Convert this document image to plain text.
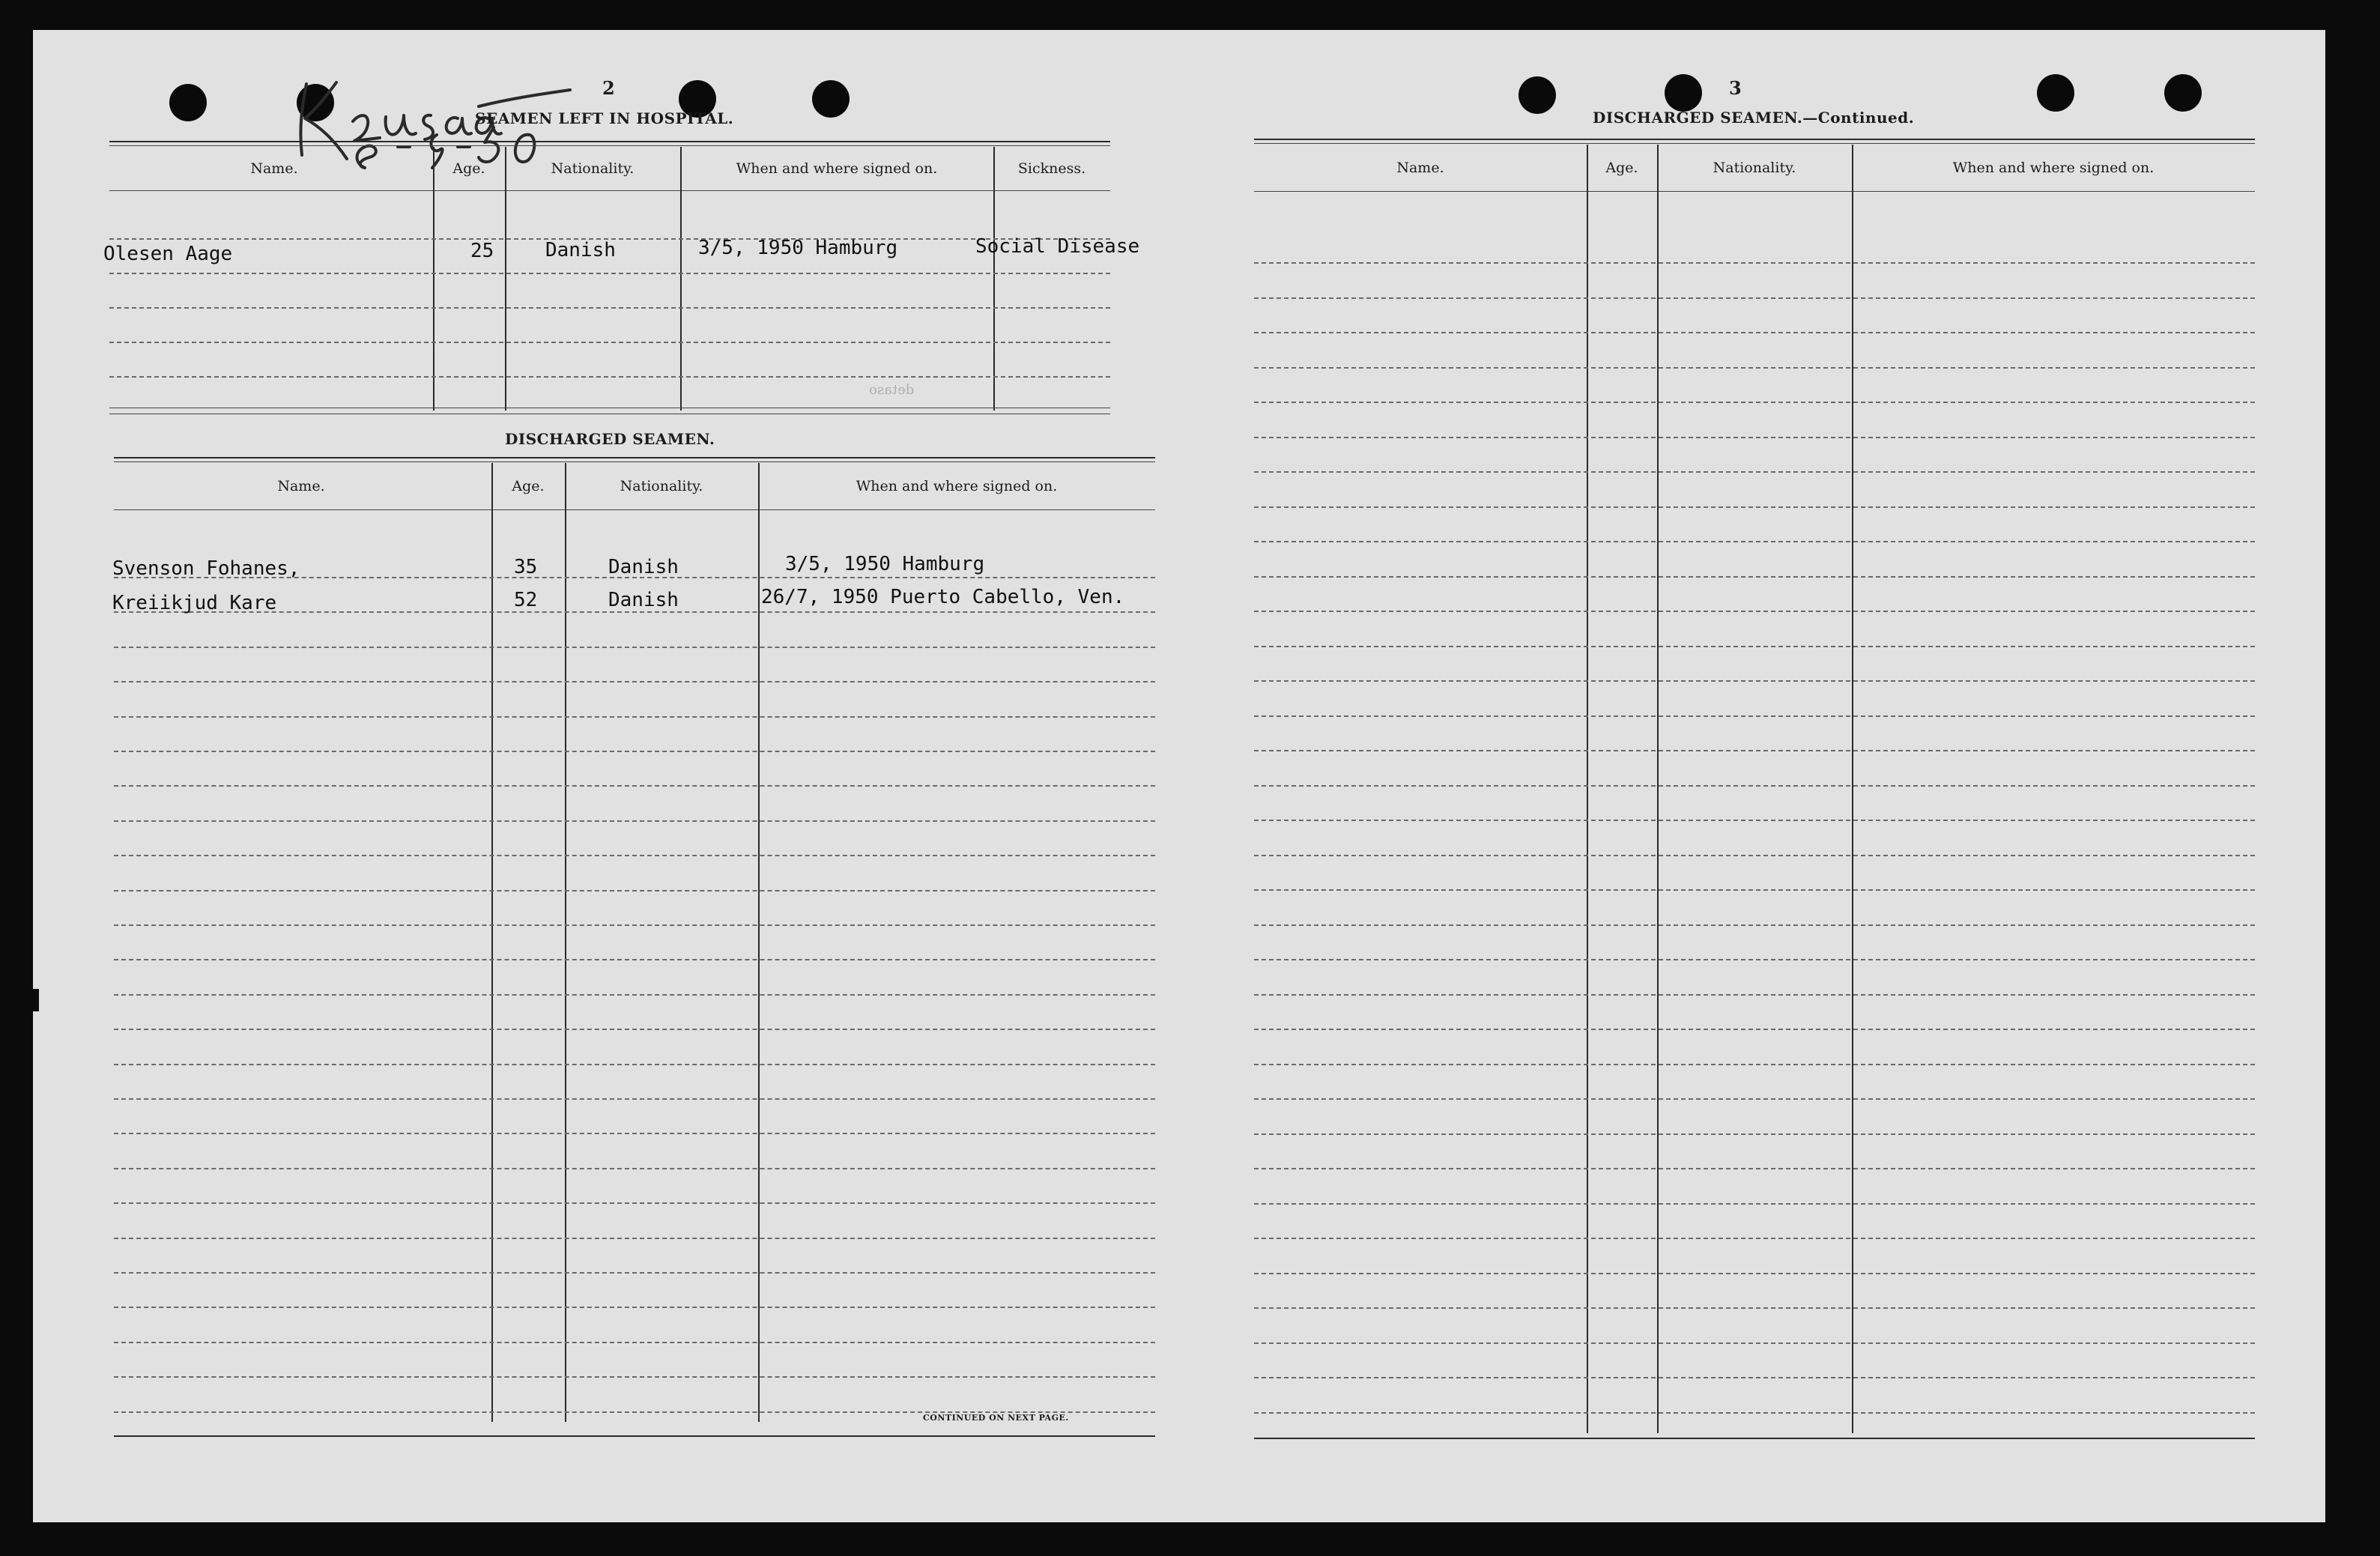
2	3
SEAMEN LEFT IN HOSPITAL.
DISCHARGED SEAMEN.
DISCHARGED SEAMEN.—Continued.
Name.	Age.	Nationality.	When and where signed on.	Sickness.
Olesen Aage	25	Danish	3/5, 1950 Hamburg	Social Disease
detaso
Name.	Age.	Nationality.	When and where signed on.
Svenson Fohanes,	35	Danish	3/5, 1950 Hamburg
Kreiikjud Kare	52	Danish	26/7, 1950 Puerto Cabello, Ven.
CONTINUED ON NEXT PAGE.
Name.	Age.	Nationality.	When and where signed on.
